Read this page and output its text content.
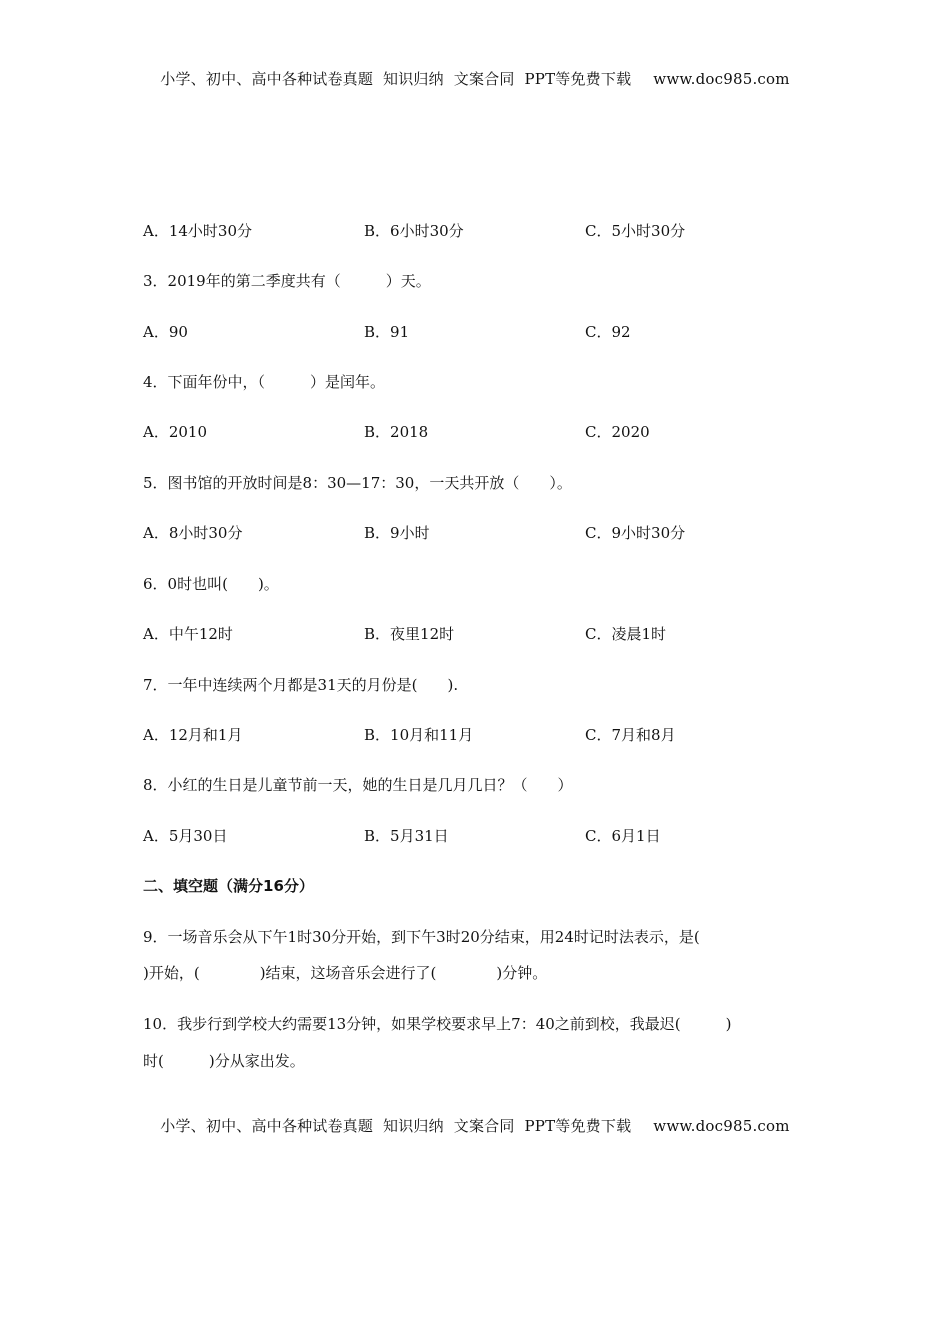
小学、初中、高中各种试卷真题  知识归纳  文案合同  PPT等免费下载 www.doc985.com
A．14小时30分	B．6小时30分	C．5小时30分
3．2019年的第二季度共有（　　　）天。
A．90	B．91	C．92
4．下面年份中，（　　　）是闰年。
A．2010	B．2018	C．2020
5．图书馆的开放时间是8：30—17：30，一天共开放（　　）。
A．8小时30分	B．9小时	C．9小时30分
6．0时也叫(　　)。
A．中午12时	B．夜里12时	C．凌晨1时
7．一年中连续两个月都是31天的月份是(　　).
A．12月和1月	B．10月和11月	C．7月和8月
8．小红的生日是儿童节前一天，她的生日是几月几日？（　　）
A．5月30日	B．5月31日	C．6月1日
二、填空题（满分16分）
9．一场音乐会从下午1时30分开始，到下午3时20分结束，用24时记时法表示，是(
)开始，(　　　　)结束，这场音乐会进行了(　　　　)分钟。
10．我步行到学校大约需要13分钟，如果学校要求早上7：40之前到校，我最迟(　　　)
时(　　　)分从家出发。
小学、初中、高中各种试卷真题  知识归纳  文案合同  PPT等免费下载 www.doc985.com
